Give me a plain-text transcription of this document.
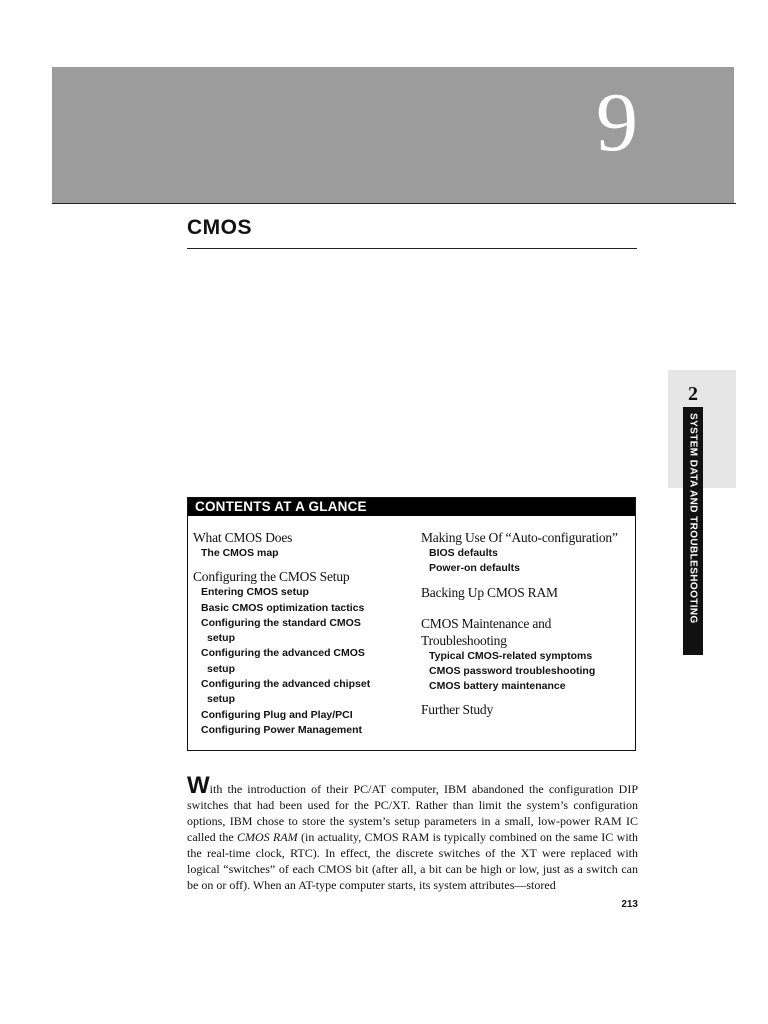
9
CMOS
2
SYSTEM DATA AND TROUBLESHOOTING
CONTENTS AT A GLANCE
What CMOS Does
The CMOS map
Configuring the CMOS Setup
Entering CMOS setup
Basic CMOS optimization tactics
Configuring the standard CMOS
setup
Configuring the advanced CMOS
setup
Configuring the advanced chipset
setup
Configuring Plug and Play/PCI
Configuring Power Management
Making Use Of “Auto-configuration”
BIOS defaults
Power-on defaults
Backing Up CMOS RAM
CMOS Maintenance and Troubleshooting
Typical CMOS-related symptoms
CMOS password troubleshooting
CMOS battery maintenance
Further Study

With the introduction of their PC/AT computer, IBM abandoned the configuration DIP switches that had been used for the PC/XT. Rather than limit the system’s configuration options, IBM chose to store the system’s setup parameters in a small, low-power RAM IC called the CMOS RAM (in actuality, CMOS RAM is typically combined on the same IC with the real-time clock, RTC). In effect, the discrete switches of the XT were replaced with logical “switches” of each CMOS bit (after all, a bit can be high or low, just as a switch can be on or off). When an AT-type computer starts, its system attributes—stored

213
